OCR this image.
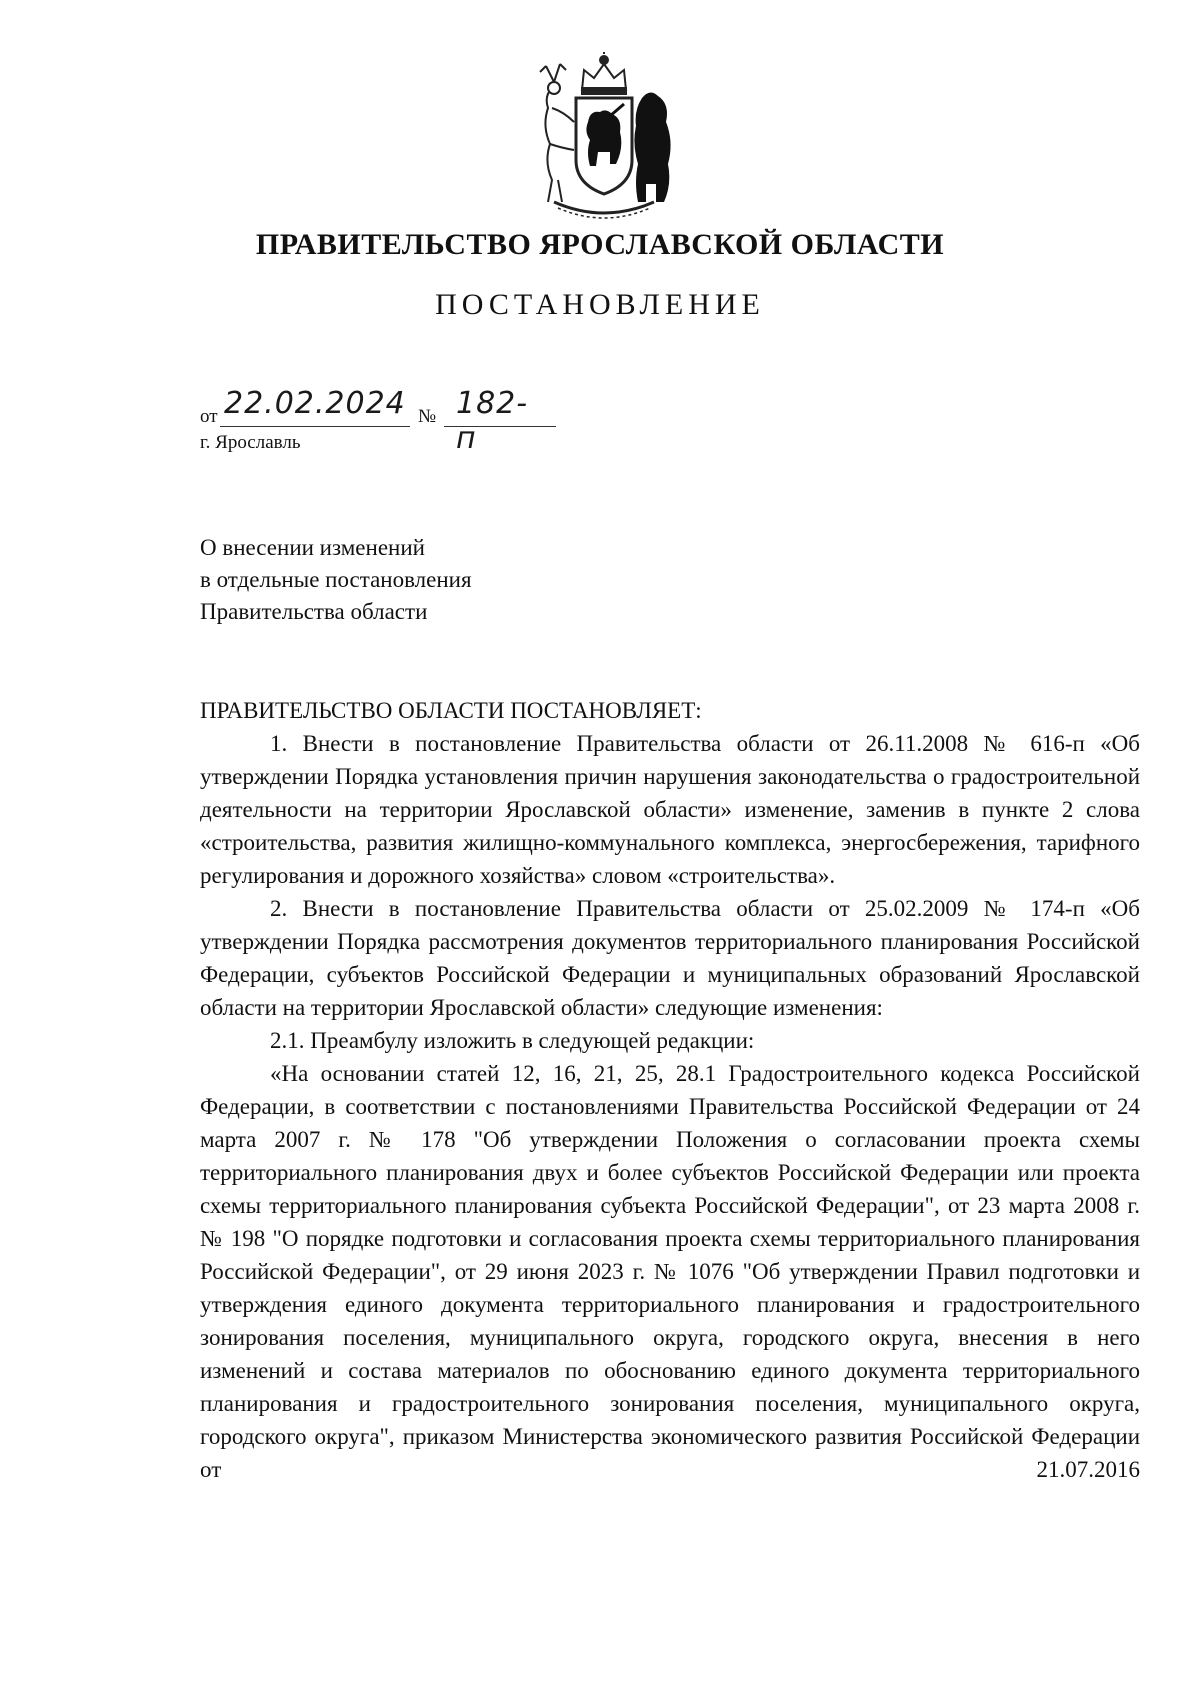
ПРАВИТЕЛЬСТВО ЯРОСЛАВСКОЙ ОБЛАСТИ
ПОСТАНОВЛЕНИЕ
от 22.02.2024 № 182-п
г. Ярославль
О внесении изменений
в отдельные постановления
Правительства области
ПРАВИТЕЛЬСТВО ОБЛАСТИ ПОСТАНОВЛЯЕТ:
1. Внести в постановление Правительства области от 26.11.2008 № 616-п «Об утверждении Порядка установления причин нарушения законодательства о градостроительной деятельности на территории Ярославской области» изменение, заменив в пункте 2 слова «строительства, развития жилищно-коммунального комплекса, энергосбережения, тарифного регулирования и дорожного хозяйства» словом «строительства».
2. Внести в постановление Правительства области от 25.02.2009 № 174-п «Об утверждении Порядка рассмотрения документов территориального планирования Российской Федерации, субъектов Российской Федерации и муниципальных образований Ярославской области на территории Ярославской области» следующие изменения:
2.1. Преамбулу изложить в следующей редакции:
«На основании статей 12, 16, 21, 25, 28.1 Градостроительного кодекса Российской Федерации, в соответствии с постановлениями Правительства Российской Федерации от 24 марта 2007 г. № 178 "Об утверждении Положения о согласовании проекта схемы территориального планирования двух и более субъектов Российской Федерации или проекта схемы территориального планирования субъекта Российской Федерации", от 23 марта 2008 г. № 198 "О порядке подготовки и согласования проекта схемы территориального планирования Российской Федерации", от 29 июня 2023 г. № 1076 "Об утверждении Правил подготовки и утверждения единого документа территориального планирования и градостроительного зонирования поселения, муниципального округа, городского округа, внесения в него изменений и состава материалов по обоснованию единого документа территориального планирования и градостроительного зонирования поселения, муниципального округа, городского округа", приказом Министерства экономического развития Российской Федерации от 21.07.2016
